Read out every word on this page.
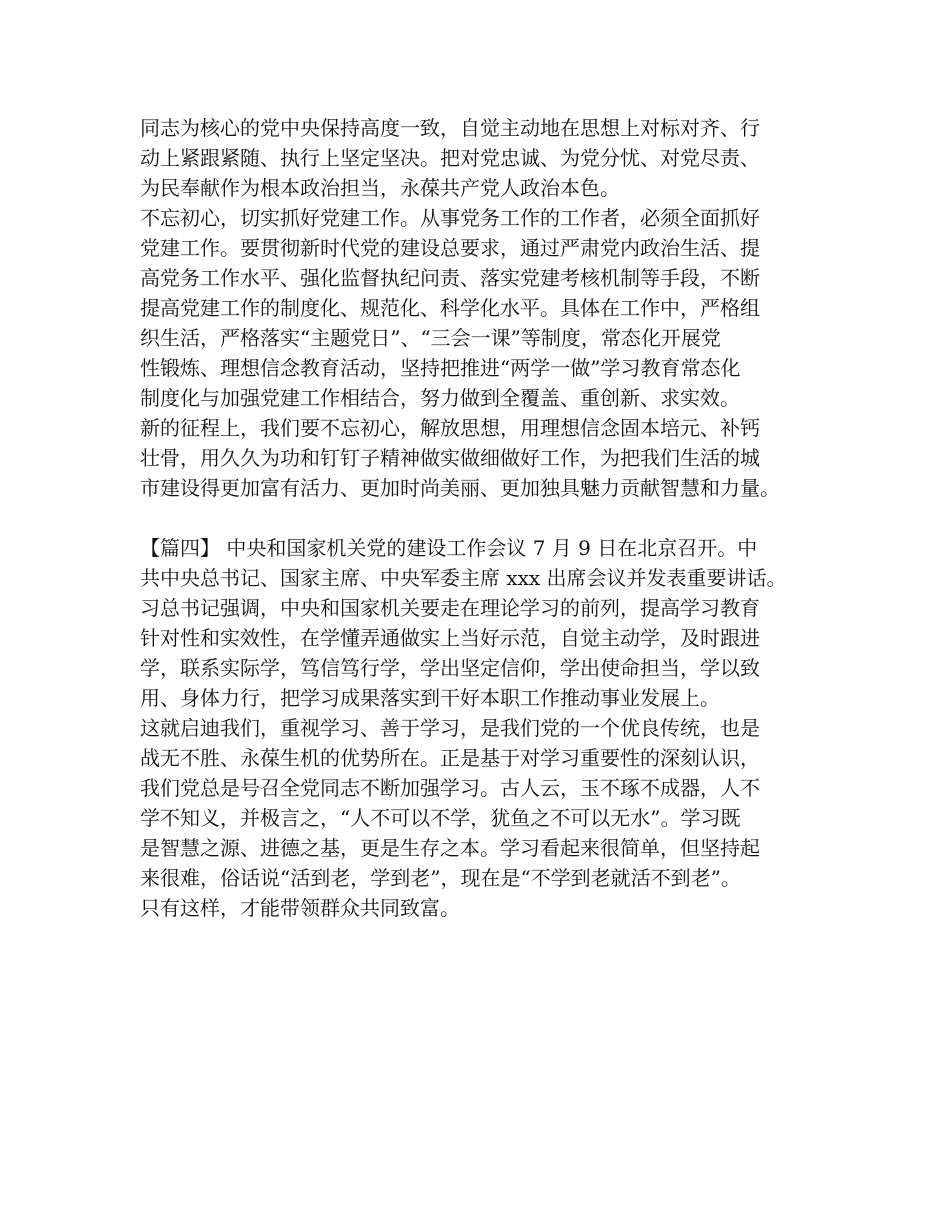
同志为核心的党中央保持高度一致，自觉主动地在思想上对标对齐、行
动上紧跟紧随、执行上坚定坚决。把对党忠诚、为党分忧、对党尽责、
为民奉献作为根本政治担当，永葆共产党人政治本色。
不忘初心，切实抓好党建工作。从事党务工作的工作者，必须全面抓好
党建工作。要贯彻新时代党的建设总要求，通过严肃党内政治生活、提
高党务工作水平、强化监督执纪问责、落实党建考核机制等手段，不断
提高党建工作的制度化、规范化、科学化水平。具体在工作中，严格组
织生活，严格落实“主题党日”、“三会一课”等制度，常态化开展党
性锻炼、理想信念教育活动，坚持把推进“两学一做”学习教育常态化
制度化与加强党建工作相结合，努力做到全覆盖、重创新、求实效。
新的征程上，我们要不忘初心，解放思想，用理想信念固本培元、补钙
壮骨，用久久为功和钉钉子精神做实做细做好工作，为把我们生活的城
市建设得更加富有活力、更加时尚美丽、更加独具魅力贡献智慧和力量。
【篇四】 中央和国家机关党的建设工作会议 7 月 9 日在北京召开。中
共中央总书记、国家主席、中央军委主席 xxx 出席会议并发表重要讲话。
习总书记强调，中央和国家机关要走在理论学习的前列，提高学习教育
针对性和实效性，在学懂弄通做实上当好示范，自觉主动学，及时跟进
学，联系实际学，笃信笃行学，学出坚定信仰，学出使命担当，学以致
用、身体力行，把学习成果落实到干好本职工作推动事业发展上。
这就启迪我们，重视学习、善于学习，是我们党的一个优良传统，也是
战无不胜、永葆生机的优势所在。正是基于对学习重要性的深刻认识，
我们党总是号召全党同志不断加强学习。古人云，玉不琢不成器，人不
学不知义，并极言之，“人不可以不学，犹鱼之不可以无水”。学习既
是智慧之源、进德之基，更是生存之本。学习看起来很简单，但坚持起
来很难，俗话说“活到老，学到老”，现在是“不学到老就活不到老”。
只有这样，才能带领群众共同致富。
